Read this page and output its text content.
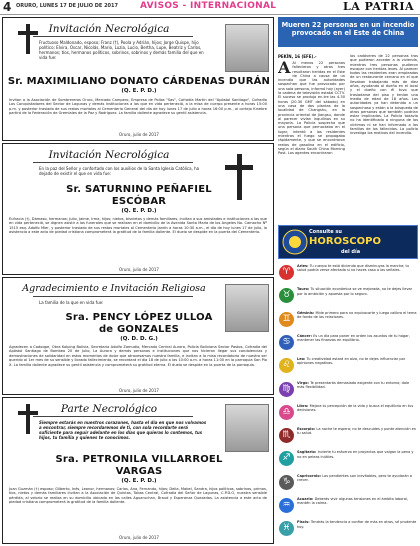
4 ORURO, LUNES 17 DE JULIO DE 2017 AVISOS - INTERNACIONAL	LA PATRIA
Invitación Necrológica
Fructuoso Maldonado, esposo; Franz (†), Poola y Adrián, hijos; Jorge Quispe, hijo político; Elvira, Oscar, Nicolás, Mario, Luzia, Lucio, Bertha, Lupe, Beatriz y Carlos, hermanos; tíos, hermanos políticos, sobrinos, sobrinos y demás familia del que en vida fue:
Sr. MAXIMILIANO DONATO CÁRDENAS DURÁN
(Q. E. P. D.)
Invitan a la Asociación de Sombrereros Oruro, Mercado Campero, Empresa de Pollos "Sas", Cofradía Martín del "Apóstol Santiago", Cofradía Los Conquistadores del Sector de Lagunas y demás instituciones a las que en vida perteneció, a la misa de cuerpo presente a horas 15:00 p.m. y posterior traslado de sus restos mortales al Cementerio General del día de hoy lunes 17 de julio a horas 16:00 p.m., al cortejo fúnebre partirá de la Federación de Gremiales de la Paz y Rodríguez. La familia doliente agradece su gentil asistencia.
Oruro, julio de 2017
Invitación Necrológica
En la paz del Señor y confortado con los auxilios de la Santa Iglesia Católica, ha dejado de existir el que en vida fue:
Sr. SATURNINO PEÑAFIEL
ESCÓBAR
(Q. E. P. D.)
Eufracia (†), Dámaso, hermanos; Julio, Jaime, Irma, hijos; nietos, bisnietos y demás familiares, invitan a sus amistades e instituciones a las que en vida perteneció, se dignen asistir a los funerales que se realizan en el domicilio de la Avenida Santa María de los Angeles No. Camacho Nº 1515 esq. Adolfo Mier, y posterior traslado de sus restos mortales al Cementerio Jardín a horas 10:30 a.m., el día de hoy lunes 17 de julio, la asistencia a este acto de piedad cristiana comprometerá la gratitud de la familia doliente. El duelo se despide en la puerta del Cementerio.
Oruro, julio de 2017
Agradecimiento e Invitación Religiosa
La familia de la que en vida fue:
Sra. PENCY LÓPEZ ULLOA
de GONZALES
(Q. D. D. G.)
Agradecen a Cadoqpe, Obra Kolping Bolivia, Secretaria Adolfo Zamudio, Mercado Central Aurora, Policía Boliviana Sector Pastos, Cofradía del Apóstol Santiago de Bombeo 20 de Julio, La Aurora y demás personas e instituciones que nos hicieron llegar sus condolencias y demostraciones de solidaridad en estos momentos de dolor que atravesamos nuestra familia, e invitan a la misa recordatoria de nuestro ser querido al 1er mes de su sensible y llorado fallecimiento, se recordará el día 18 de julio a las 10:00 a.m. a horas 11:00 en la parroquia San Pio X. La familia doliente agradece su gentil asistencia y comprometerá su gratitud eterna. El duelo se despide en la puerta de la parroquia.
Oruro, julio de 2017
Parte Necrológico
Siempre estarás en nuestros corazones, hasta el día en que nos volvamos a encontrar, siempre recordaremos de ti, con sola recordarte será suficiente para seguir adelante en los días que quieras lo contemos, tus hijos, tu familia y quienes te conocimos.
Sra. PETRONILA VILLARROEL
VARGAS
(Q. E. P. D.)
Juan Guzmán (†) esposo; Gilberto, Inés, Leonor, hermanos; Carlos, Ana, Fernando, hijos; Delia, Mabel, Sandra, hijos políticos, sobrinos, primos, tíos, nietos y demás familiares invitan a la Asociación de Quintas, Tobas Central, Cofradía del Señor de Lagunas, C.P.D.O, nuestra sensible pérdida, al velorio se realiza en su domicilio ubicado en las calles Aguaruchan, Braud y Esperanza Quezadas. La asistencia a este acto de piedad cristiana comprometerá la gratitud de la familia doliente.
Oruro, julio de 2017
Mueren 22 personas en un incendio provocado en el Este de China
PEKÍN, 16 (EFE).-
A Al menos 22 personas fallecieron y otras tres resultaron heridas en el Este de China a causa de un incendio que las autoridades sospechan que fue provocado por una sola persona, informó hoy (ayer) la cadena de televisión estatal CCTV. El suceso se produjo en-tre las 4.30 horas (20.30 GMT del sábado) en una casa de dos plantas de la localidad de Changshu, en la provincia oriental de Jiangsu, donde al parecer vivían inquilinos en su mayoría. La Policía sospecha que una persona que pernoctaba en el lugar, intentó a los residentes mientras el fuego se propagaba rápidamente, y que se encontraron restos de gasolina en el edificio, según el diario South China Morning Post. Los agentes encontraron
los cadáveres de 22 personas tras que pudieron acceder a la vivienda, mientras tres personas pudieron escapar con heridas leves. Al parecer todas las residentes eran empleadas de un restaurante cercano en el que llevaban trabajando más de diez años, ayudando al dueño en el local y el dueño con él tuvo que trasladarse del piso y tenían una media de edad de 18 años. Las autoridades ya han detenido a un sospechoso y están a la búsqueda de otros personas que también podrían estar implicadas. La Policía todavía no ha identificado a ninguna de las víctimas ni se han informado a las familias de los fallecidos. La policía investiga los motivos del incendio.
Consulte su
HOROSCOPO
del día
♈
Aries: Tu cuerpo te está diciendo que disminuyas la marcha; tu salud podría verse afectada si no haces caso a las señales.
♉
Tauro: Tu situación económica se ve mejorada, no te dejes llevar por la ambición y apuesta por lo seguro.
♊
Géminis: Mide primero para no equivocarte y luego calibra el tema de fondo de las relaciones.
♋
Cáncer: Es un día para poner en orden los asuntos de tu hogar, mantener las finanzas en equilibrio.
♌
Leo: Tu creatividad estará en alza, no te dejes influenciar por opiniones negativas.
♍
Virgo: Te presentarás demasiado exigente con tu entorno; dale más flexibilidad.
♎
Libra: Mejora tu percepción de la vida y busca el equilibrio en tus decisiones.
♏
Escorpio: La noche te espera; no te descuides y ponte atención en tu salud.
♐
Sagitario: Invierte tu esfuerzo en proyectos que valgan la pena y no en peleas inútiles.
♑
Capricornio: Los pendientes son inevitables, pero te ayudarán a crecer.
♒
Acuario: Deberás vivir algunas tensiones en el ámbito laboral, mantén la calma.
♓
Piscis: Tendrás la tendencia a confiar de más en otros, sé prudente hoy.
